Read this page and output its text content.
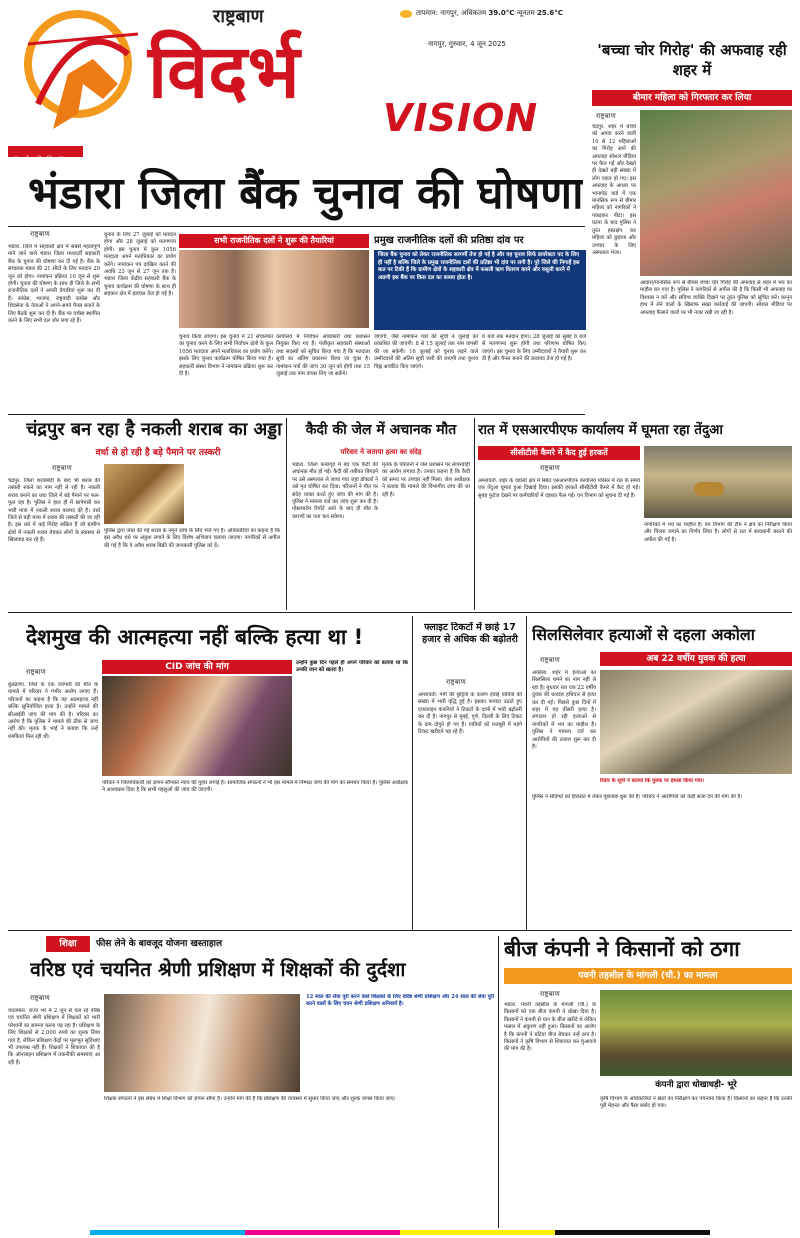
राष्ट्रबाण
विदर्भ
VISION
तापमान: नागपुर, अधिकतम 39.0°C न्यूनतम 25.6°C
नागपुर, गुरुवार, 4 जून 2025
|| धर्मो रक्षति रक्षितः ||
'बच्चा चोर गिरोह' की अफवाह रही शहर में
बीमार महिला को गिरफ्तार कर लिया
राष्ट्रबाण
चंद्रपुर. शहर में बच्चों को अगवा करने वाली 10 से 12 महिलाओं का गिरोह आने की अफवाह सोशल मीडिया पर फैल गई और देखते ही देखते बड़ी संख्या में लोग एकत्र हो गए। इस अफवाह के आधार पर भानापेठ वार्ड में एक मानसिक रूप से बीमार महिला को नागरिकों ने पकड़कर पीटा। इस घटना के बाद पुलिस ने तुरंत हस्तक्षेप कर महिला को छुड़ाया और उपचार के लिए अस्पताल भेजा।
आवारा/मानसिक रूप से बीमार बच्चा चोर गिरोह की अफवाह से शहर में भय का माहौल बन गया है। पुलिस ने नागरिकों से अपील की है कि किसी भी अफवाह पर विश्वास न करें और संदिग्ध व्यक्ति दिखने पर तुरंत पुलिस को सूचित करें। कानून हाथ में लेने वालों के खिलाफ सख्त कार्रवाई की जाएगी। सोशल मीडिया पर अफवाह फैलाने वालों पर भी नजर रखी जा रही है।
भंडारा जिला बैंक चुनाव की घोषणा
राष्ट्रबाण
भंडारा. जिले में सहकारी क्षेत्र में सबसे महत्वपूर्ण माने जाने वाले भंडारा जिला मध्यवर्ती सहकारी बैंक के चुनाव की घोषणा कर दी गई है। बैंक के संचालक मंडल की 21 सीटों के लिए मतदान 29 जून को होगा। नामांकन प्रक्रिया 10 जून से शुरू होगी। चुनाव की घोषणा के साथ ही जिले के सभी राजनीतिक दलों ने अपनी तैयारियां शुरू कर दी हैं। कांग्रेस, भाजपा, राष्ट्रवादी कांग्रेस और शिवसेना के नेताओं ने अपने-अपने पैनल बनाने के लिए बैठकें शुरू कर दी हैं। बैंक पर वर्चस्व स्थापित करने के लिए सभी दल जोर लगा रहे हैं।
चुनाव के लिए 27 जुलाई को मतदान होगा और 28 जुलाई को मतगणना होगी। इस चुनाव में कुल 1056 मतदाता अपने मताधिकार का प्रयोग करेंगे। नामांकन पत्र दाखिल करने की अवधि 23 जून से 27 जून तक है। भंडारा जिला केंद्रीय सहकारी बैंक के चुनाव कार्यक्रम की घोषणा के साथ ही सहकार क्षेत्र में हलचल तेज हो गई है।
सभी राजनीतिक दलों ने शुरू की तैयारियां	प्रमुख राजनीतिक दलों की प्रतिष्ठा दांव पर
जिला बैंक चुनाव को लेकर राजनीतिक सरगर्मी तेज हो गई है और यह चुनाव सिर्फ डायरेक्टर पद के लिए ही नहीं है बल्कि जिले के प्रमुख राजनीतिक दलों की प्रतिष्ठा भी दांव पर लगी है। पूरे जिले की निगाहें इस बात पर टिकी हैं कि ग्रामीण क्षेत्रों के सहकारी क्षेत्र में फसली ऋण वितरण करने और वसूली करने में अग्रणी इस बैंक पर किस दल का कब्जा होता है।
चुनाव किया जाएगा। इस चुनाव में 21 संचालकों का चुनाव करने के लिए सभी निर्वाचन क्षेत्रों के कुल 1056 मतदाता अपने मताधिकार का प्रयोग करेंगे। इसके लिए चुनाव कार्यक्रम घोषित किया गया है। सहकारी संस्था विभाग ने नामांकन प्रक्रिया शुरू कर दी है।
कार्यालय में निर्वाचन अधिकारी तथा प्रशासन नियुक्त किए गए हैं। पंजीकृत सहकारी संस्थाओं तथा सदस्यों को सूचित किया गया है कि मतदाता सूची का अंतिम प्रकाशन किया जा चुका है। नामांकन पत्रों की जांच 30 जून को होगी तथा 15 जुलाई तक नाम वापस लिए जा सकेंगे।
जाएगी, जैसे नामांकन पत्रों की सूची 4 जुलाई को प्रकाशित की जाएगी। 8 से 15 जुलाई तक नाम वापसी की जा सकेगी। 16 जुलाई को चुनाव लड़ने वाले उम्मीदवारों की अंतिम सूची जारी की जाएगी तथा चुनाव चिह्न आवंटित किए जाएंगे।
6 बजे तक मतदान होगा। 28 जुलाई को सुबह 8 बजे से मतगणना शुरू होगी तथा परिणाम घोषित किए जाएंगे। इस चुनाव के लिए उम्मीदवारों ने तैयारी शुरू कर दी है और पैनल बनाने की कवायद तेज हो गई है।
चंद्रपुर बन रहा है नकली शराब का अड्डा
वर्धा से हो रही है बड़े पैमाने पर तस्करी
राष्ट्रबाण
चंद्रपुर. जिला शराबबंदी के बाद भी शराब की तस्करी रुकने का नाम नहीं ले रही है। नकली शराब बनाने का धंधा जिले में बड़े पैमाने पर फल-फूल रहा है। पुलिस ने हाल ही में छापेमारी कर भारी मात्रा में नकली शराब बरामद की है। वर्धा जिले से बड़ी मात्रा में शराब की तस्करी की जा रही है। इस धंधे में कई गिरोह सक्रिय हैं जो ग्रामीण क्षेत्रों में नकली शराब बेचकर लोगों के स्वास्थ्य से खिलवाड़ कर रहे हैं।
पुलिस द्वारा जब्त की गई शराब के नमूने जांच के लिए भेजे गए हैं। अधिकारियों का कहना है कि इस अवैध धंधे पर अंकुश लगाने के लिए विशेष अभियान चलाया जाएगा। नागरिकों से अपील की गई है कि वे अवैध शराब बिक्री की जानकारी पुलिस को दें।
कैदी की जेल में अचानक मौत
परिवार ने जताया हत्या का संदेह
भंडारा. जिला कारागृह में बंद एक कैदी की अचानक मौत हो गई। कैदी की तबीयत बिगड़ने पर उसे अस्पताल ले जाया गया जहां डॉक्टरों ने उसे मृत घोषित कर दिया। परिजनों ने मौत पर संदेह व्यक्त करते हुए जांच की मांग की है। पुलिस ने मामला दर्ज कर जांच शुरू कर दी है। पोस्टमार्टम रिपोर्ट आने के बाद ही मौत के कारणों का पता चल सकेगा।
मृतक के परिजनों ने जेल प्रशासन पर लापरवाही का आरोप लगाया है। उनका कहना है कि कैदी को समय पर उपचार नहीं मिला। जेल अधीक्षक ने बताया कि मामले की विभागीय जांच की जा रही है।
रात में एसआरपीएफ कार्यालय में घूमता रहा तेंदुआ
सीसीटीवी कैमरे में कैद हुई हरकतें
राष्ट्रबाण
अमरावती. शहर के वडाली क्षेत्र में स्थित एसआरपीएफ कार्यालय परिसर में रात के समय एक तेंदुआ घूमता हुआ दिखाई दिया। इसकी हरकतें सीसीटीवी कैमरे में कैद हो गईं। सुबह फुटेज देखने पर कर्मचारियों में दहशत फैल गई। वन विभाग को सूचना दी गई है।
नागरिकों में भय का माहौल है। वन विभाग की टीम ने क्षेत्र का निरीक्षण किया और पिंजरा लगाने का निर्णय लिया है। लोगों से रात में सावधानी बरतने की अपील की गई है।
देशमुख की आत्महत्या नहीं बल्कि हत्या था !
राष्ट्रबाण
बुलढाणा. जिले के एक व्यापारी की मौत के मामले में परिवार ने गंभीर आरोप लगाए हैं। परिजनों का कहना है कि यह आत्महत्या नहीं बल्कि सुनियोजित हत्या है। उन्होंने मामले की सीआईडी जांच की मांग की है। परिवार का आरोप है कि पुलिस ने मामले की ठीक से जांच नहीं की। मृतक के भाई ने बताया कि उन्हें धमकियां मिल रही थीं।
CID जांच की मांग	उन्होंने कुछ दिन पहले ही अपने परिवार को बताया था कि उनकी जान को खतरा है।
परिवार ने जिलाधिकारी को ज्ञापन सौंपकर न्याय की गुहार लगाई है। सामाजिक संगठनों ने भी इस मामले में निष्पक्ष जांच की मांग का समर्थन किया है। पुलिस अधीक्षक ने आश्वासन दिया है कि सभी पहलुओं की जांच की जाएगी।
फ्लाइट टिकटों में छाहे 17 हजार से अधिक की बढ़ोतरी
राष्ट्रबाण
अमरावती. गर्मी की छुट्टियों के कारण हवाई यात्रियों की संख्या में भारी वृद्धि हुई है। इसका फायदा उठाते हुए एयरलाइन कंपनियों ने टिकटों के दामों में भारी बढ़ोतरी कर दी है। नागपुर से मुंबई, पुणे, दिल्ली के लिए टिकट के दाम दोगुने हो गए हैं। यात्रियों को मजबूरी में महंगे टिकट खरीदने पड़ रहे हैं।
सिलसिलेवार हत्याओं से दहला अकोला
अब 22 वर्षीय युवक की हत्या
राष्ट्रबाण
अकोला. शहर में हत्याओं का सिलसिला थमने का नाम नहीं ले रहा है। बुधवार रात एक 22 वर्षीय युवक की धारदार हथियार से हत्या कर दी गई। पिछले कुछ दिनों में शहर में यह तीसरी हत्या है। लगातार हो रही हत्याओं से नागरिकों में भय का माहौल है। पुलिस ने मामला दर्ज कर आरोपियों की तलाश शुरू कर दी है।
रिवार के सूत्रों ने बताया कि युवक पर हमला किया गया।
पुलिस ने संदिग्धों को हिरासत में लेकर पूछताछ शुरू की है। परिवार ने आरोपियों को कड़ी सजा देने की मांग की है।
शिक्षा	फीस लेने के बावजूद योजना खस्ताहाल
वरिष्ठ एवं चयनित श्रेणी प्रशिक्षण में शिक्षकों की दुर्दशा
राष्ट्रबाण
यवतमाल. राज्य भर में 2 जून से चल रहे वरिष्ठ एवं चयनित श्रेणी प्रशिक्षण में शिक्षकों को भारी परेशानी का सामना करना पड़ रहा है। प्रशिक्षण के लिए शिक्षकों से 2,000 रुपये का शुल्क लिया गया है, लेकिन प्रशिक्षण केंद्रों पर मूलभूत सुविधाएं भी उपलब्ध नहीं हैं। शिक्षकों ने शिकायत की है कि ऑनलाइन प्रशिक्षण में तकनीकी समस्याएं आ रही हैं।
12 साल की सेवा पूरी करने वाले शिक्षकों के लिए वरिष्ठ श्रेणी प्रशिक्षण और 24 साल की सेवा पूरी करने वालों के लिए चयन श्रेणी प्रशिक्षण अनिवार्य है।
शिक्षक संगठनों ने इस संबंध में शिक्षा विभाग को ज्ञापन सौंपा है। उन्होंने मांग की है कि प्रशिक्षण की व्यवस्था में सुधार किया जाए और शुल्क वापस किया जाए।
बीज कंपनी ने किसानों को ठगा
पवनी तहसील के मांगली (चौ.) का मामला
राष्ट्रबाण
भंडारा. पवनी तहसील के मांगली (चौ.) के किसानों को एक बीज कंपनी ने धोखा दिया है। किसानों ने कंपनी से धान के बीज खरीदे थे लेकिन फसल में अंकुरण नहीं हुआ। किसानों का आरोप है कि कंपनी ने घटिया बीज बेचकर उन्हें ठगा है। किसानों ने कृषि विभाग से शिकायत कर मुआवजे की मांग की है।
कंपनी द्वारा धोखाधड़ी- भूरे
कृषि विभाग के अधिकारियों ने खेतों का निरीक्षण कर पंचनामा किया है। किसानों का कहना है कि उनकी पूरी मेहनत और पैसा बर्बाद हो गया।
